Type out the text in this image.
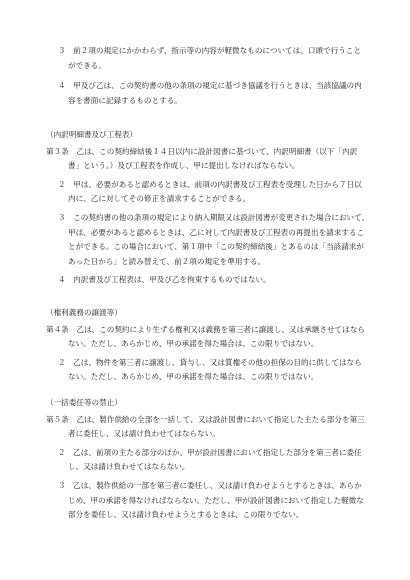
３　前２項の規定にかかわらず、指示等の内容が軽微なものについては、口頭で行うこと
ができる。
４　甲及び乙は、この契約書の他の条項の規定に基づき協議を行うときは、当該協議の内
容を書面に記録するものとする。
（内訳明細書及び工程表）
第３条　乙は、この契約締結後１４日以内に設計図書に基づいて、内訳明細書（以下「内訳
書」という。）及び工程表を作成し、甲に提出しなければならない。
２　甲は、必要があると認めるときは、前項の内訳書及び工程表を受理した日から７日以
内に、乙に対してその修正を請求することができる。
３　この契約書の他の条項の規定により納入期限又は設計図書が変更された場合において、
甲は、必要があると認めるときは、乙に対して内訳書及び工程表の再提出を請求するこ
とができる。この場合において、第１項中「この契約締結後」とあるのは「当該請求が
あった日から」と読み替えて、前２項の規定を準用する。
４　内訳書及び工程表は、甲及び乙を拘束するものではない。
（権利義務の譲渡等）
第４条　乙は、この契約により生ずる権利又は義務を第三者に譲渡し、又は承継させてはなら
ない。ただし、あらかじめ、甲の承諾を得た場合は、この限りではない。
２　乙は、物件を第三者に譲渡し、貸与し、又は質権その他の担保の目的に供してはなら
ない。ただし、あらかじめ、甲の承諾を得た場合は、この限りではない。
（一括委任等の禁止）
第５条　乙は、製作供給の全部を一括して、又は設計図書において指定した主たる部分を第三
者に委任し、又は請け負わせてはならない。
２　乙は、前項の主たる部分のほか、甲が設計図書において指定した部分を第三者に委任
し、又は請け負わせてはならない。
３　乙は、製作供給の一部を第三者に委任し、又は請け負わせようとするときは、あらか
じめ、甲の承諾を得なければならない。ただし、甲が設計図書において指定した軽微な
部分を委任し、又は請け負わせようとするときは、この限りでない。
